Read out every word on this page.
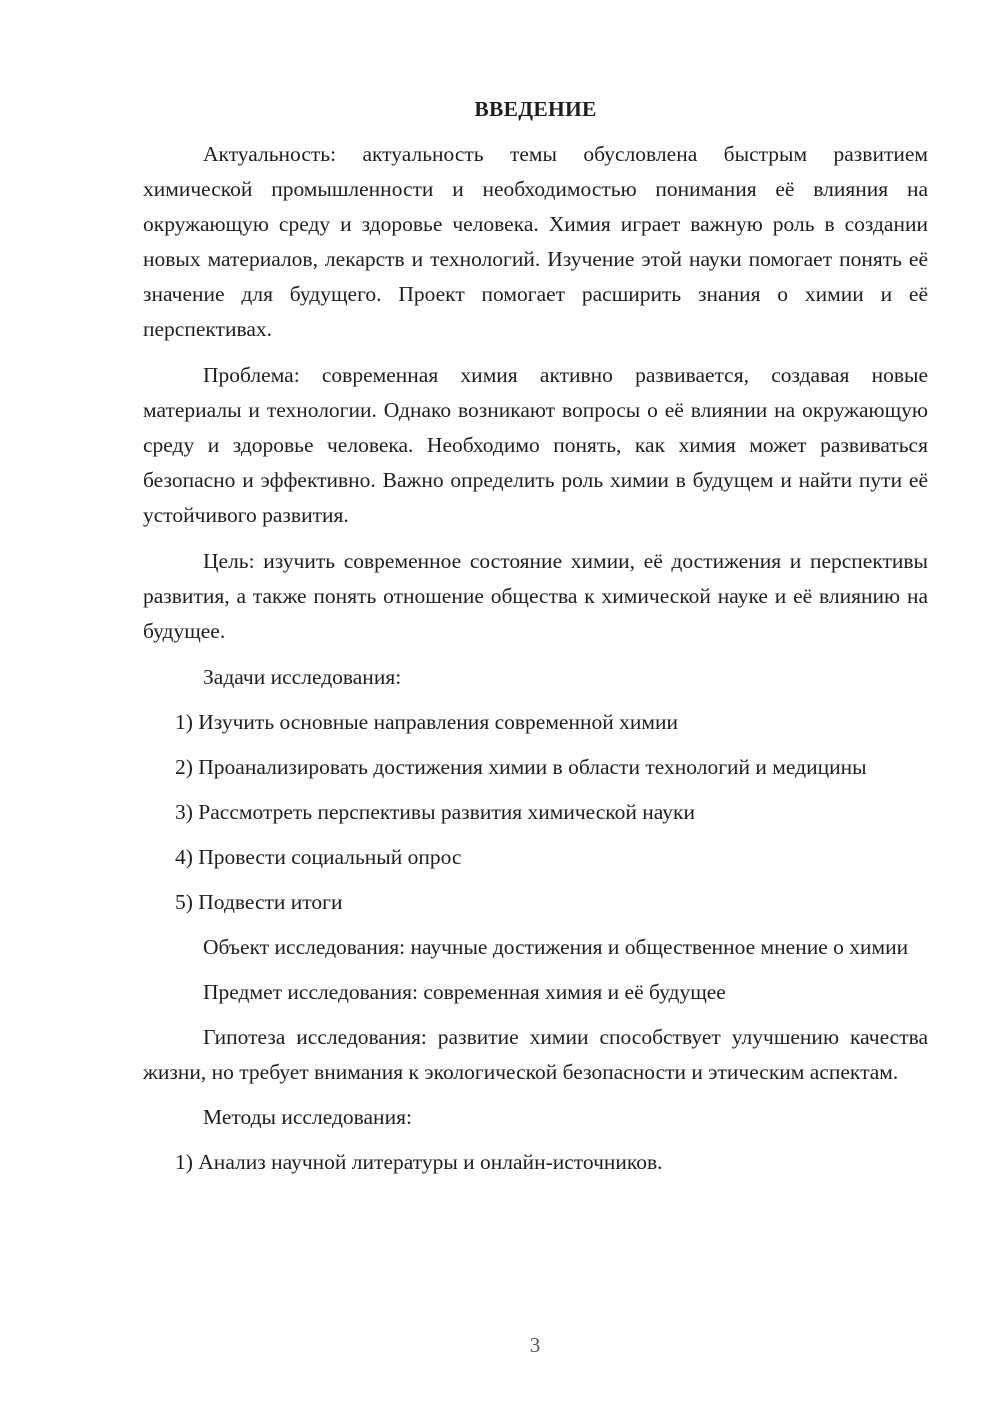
ВВЕДЕНИЕ

Актуальность: актуальность темы обусловлена быстрым развитием химической промышленности и необходимостью понимания её влияния на окружающую среду и здоровье человека. Химия играет важную роль в создании новых материалов, лекарств и технологий. Изучение этой науки помогает понять её значение для будущего. Проект помогает расширить знания о химии и её перспективах.

Проблема: современная химия активно развивается, создавая новые материалы и технологии. Однако возникают вопросы о её влиянии на окружающую среду и здоровье человека. Необходимо понять, как химия может развиваться безопасно и эффективно. Важно определить роль химии в будущем и найти пути её устойчивого развития.

Цель: изучить современное состояние химии, её достижения и перспективы развития, а также понять отношение общества к химической науке и её влиянию на будущее.

Задачи исследования:

1) Изучить основные направления современной химии

2) Проанализировать достижения химии в области технологий и медицины

3) Рассмотреть перспективы развития химической науки

4) Провести социальный опрос

5) Подвести итоги

Объект исследования: научные достижения и общественное мнение о химии

Предмет исследования: современная химия и её будущее

Гипотеза исследования: развитие химии способствует улучшению качества жизни, но требует внимания к экологической безопасности и этическим аспектам.

Методы исследования:

1) Анализ научной литературы и онлайн-источников.

3
